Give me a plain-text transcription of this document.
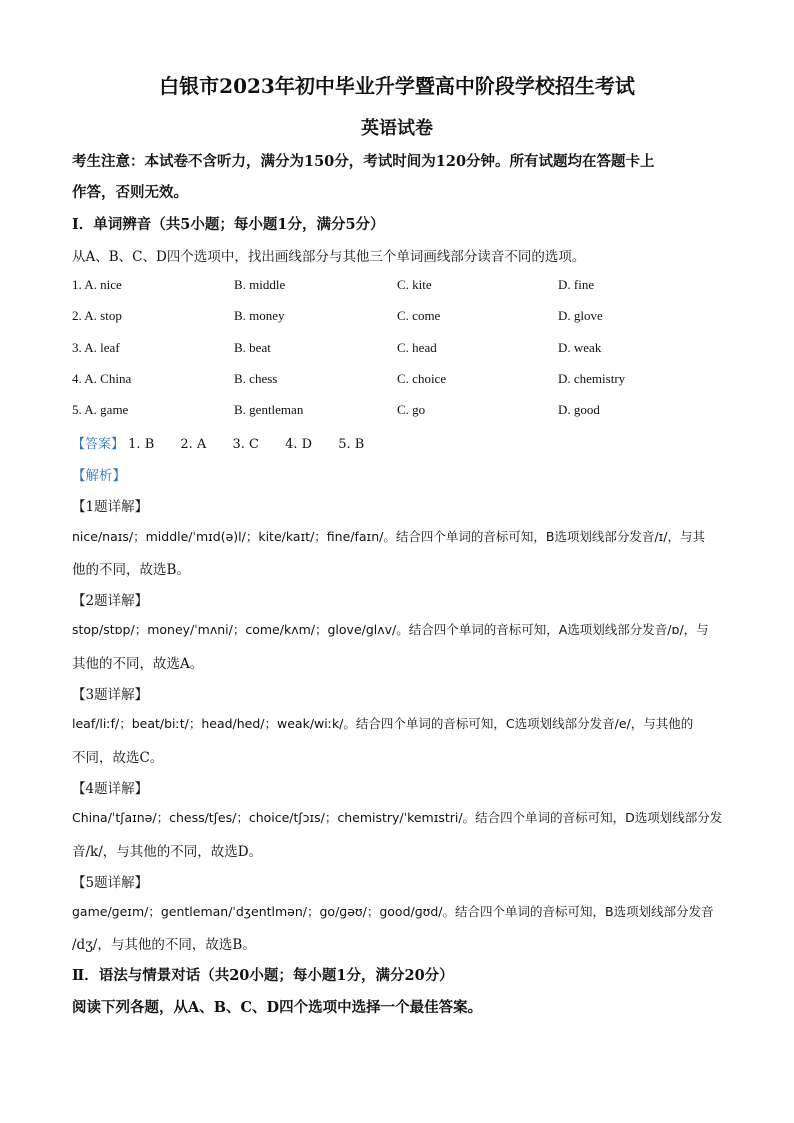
白银市2023年初中毕业升学暨高中阶段学校招生考试
英语试卷
考生注意：本试卷不含听力，满分为150分，考试时间为120分钟。所有试题均在答题卡上
作答，否则无效。
Ⅰ．单词辨音（共5小题；每小题1分，满分5分）
从A、B、C、D四个选项中，找出画线部分与其他三个单词画线部分读音不同的选项。
1. A. nice	B. middle	C. kite	D. fine
2. A. stop	B. money	C. come	D. glove
3. A. leaf	B. beat	C. head	D. weak
4. A. China	B. chess	C. choice	D. chemistry
5. A. game	B. gentleman	C. go	D. good
【答案】 1. B 2. A 3. C 4. D 5. B
【解析】
【1题详解】
nice/naɪs/；middle/ˈmɪd(ə)l/；kite/kaɪt/；fine/faɪn/。结合四个单词的音标可知，B选项划线部分发音/ɪ/，与其
他的不同，故选B。
【2题详解】
stop/stɒp/；money/ˈmʌni/；come/kʌm/；glove/glʌv/。结合四个单词的音标可知，A选项划线部分发音/ɒ/，与
其他的不同，故选A。
【3题详解】
leaf/liːf/；beat/biːt/；head/hed/；weak/wiːk/。结合四个单词的音标可知，C选项划线部分发音/e/，与其他的
不同，故选C。
【4题详解】
China/ˈtʃaɪnə/；chess/tʃes/；choice/tʃɔɪs/；chemistry/ˈkemɪstri/。结合四个单词的音标可知，D选项划线部分发
音/k/，与其他的不同，故选D。
【5题详解】
game/ɡeɪm/；gentleman/ˈdʒentlmən/；go/ɡəʊ/；good/ɡʊd/。结合四个单词的音标可知，B选项划线部分发音
/dʒ/，与其他的不同，故选B。
Ⅱ．语法与情景对话（共20小题；每小题1分，满分20分）
阅读下列各题，从A、B、C、D四个选项中选择一个最佳答案。
